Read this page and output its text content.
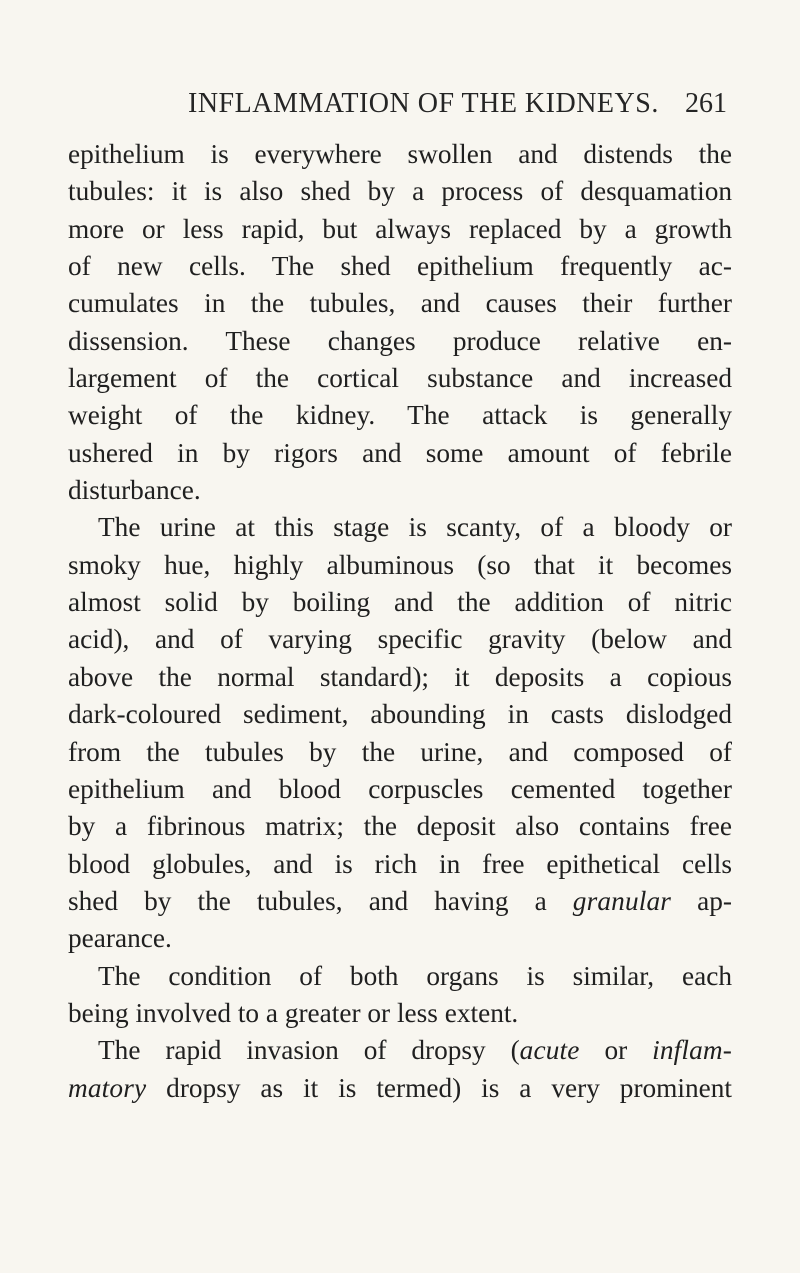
INFLAMMATION OF THE KIDNEYS. 261
epithelium is everywhere swollen and distends the
tubules: it is also shed by a process of desquamation
more or less rapid, but always replaced by a growth
of new cells. The shed epithelium frequently ac-
cumulates in the tubules, and causes their further
dissension. These changes produce relative en-
largement of the cortical substance and increased
weight of the kidney. The attack is generally
ushered in by rigors and some amount of febrile
disturbance.
The urine at this stage is scanty, of a bloody or
smoky hue, highly albuminous (so that it becomes
almost solid by boiling and the addition of nitric
acid), and of varying specific gravity (below and
above the normal standard); it deposits a copious
dark-coloured sediment, abounding in casts dislodged
from the tubules by the urine, and composed of
epithelium and blood corpuscles cemented together
by a fibrinous matrix; the deposit also contains free
blood globules, and is rich in free epithetical cells
shed by the tubules, and having a granular ap-
pearance.
The condition of both organs is similar, each
being involved to a greater or less extent.
The rapid invasion of dropsy (acute or inflam-
matory dropsy as it is termed) is a very prominent
